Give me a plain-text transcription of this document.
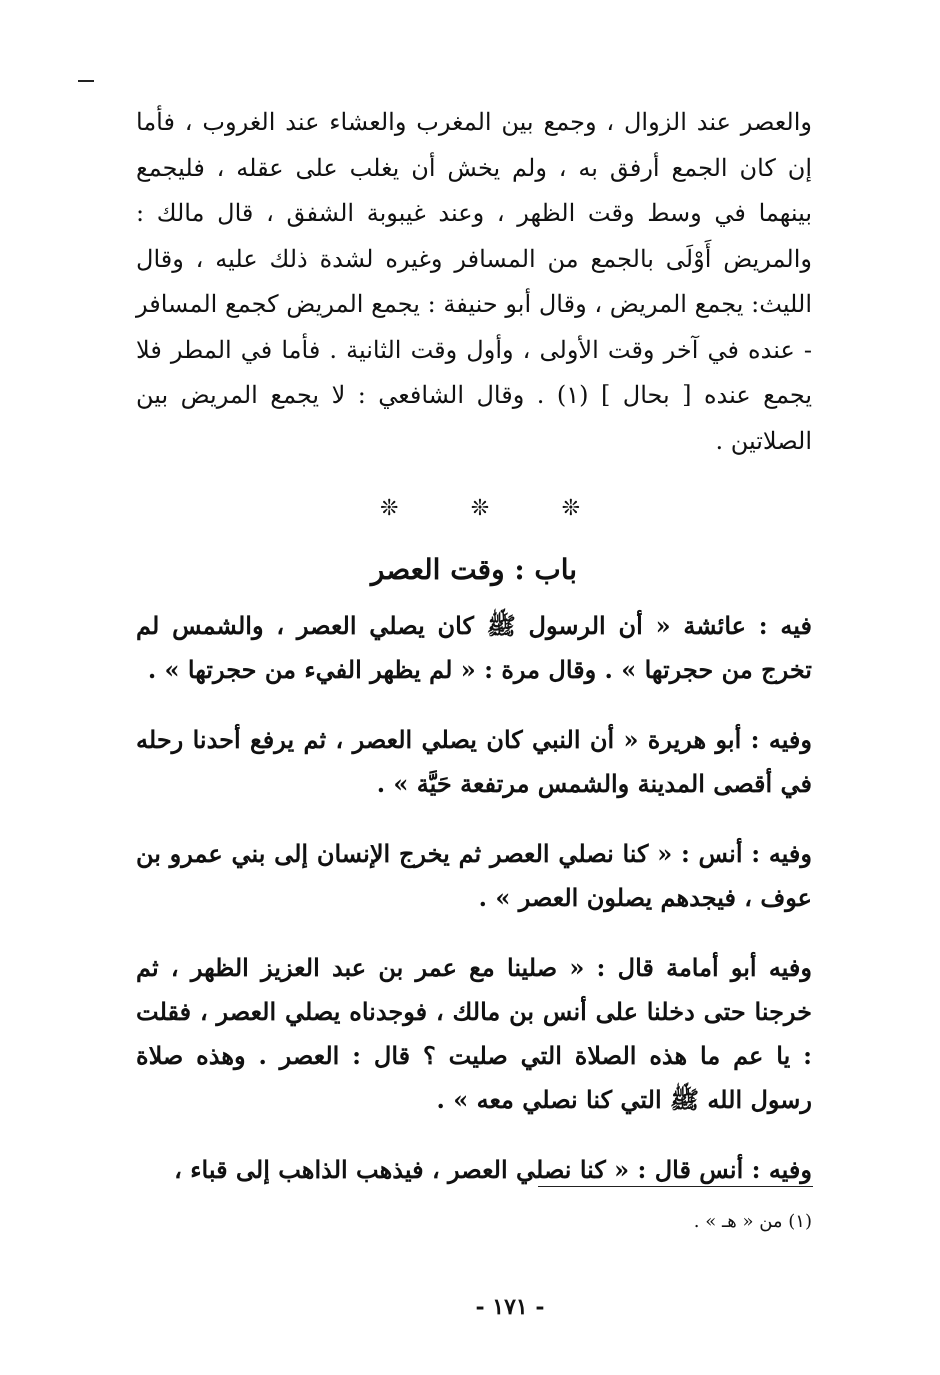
والعصر عند الزوال ، وجمع بين المغرب والعشاء عند الغروب ، فأما إن كان الجمع أرفق به ، ولم يخش أن يغلب على عقله ، فليجمع بينهما في وسط وقت الظهر ، وعند غيبوبة الشفق ، قال مالك : والمريض أَوْلَى بالجمع من المسافر وغيره لشدة ذلك عليه ، وقال الليث: يجمع المريض ، وقال أبو حنيفة : يجمع المريض كجمع المسافر - عنده في آخر وقت الأولى ، وأول وقت الثانية . فأما في المطر فلا يجمع عنده [ بحال ] (١) . وقال الشافعي : لا يجمع المريض بين الصلاتين .

❊	❊	❊
باب : وقت العصر

فيه : عائشة « أن الرسول ﷺ كان يصلي العصر ، والشمس لم تخرج من حجرتها » . وقال مرة : « لم يظهر الفيء من حجرتها » .

وفيه : أبو هريرة « أن النبي كان يصلي العصر ، ثم يرفع أحدنا رحله في أقصى المدينة والشمس مرتفعة حَيَّة » .

وفيه : أنس : « كنا نصلي العصر ثم يخرج الإنسان إلى بني عمرو بن عوف ، فيجدهم يصلون العصر » .

وفيه أبو أمامة قال : « صلينا مع عمر بن عبد العزيز الظهر ، ثم خرجنا حتى دخلنا على أنس بن مالك ، فوجدناه يصلي العصر ، فقلت : يا عم ما هذه الصلاة التي صليت ؟ قال : العصر . وهذه صلاة رسول الله ﷺ التي كنا نصلي معه » .

وفيه : أنس قال : « كنا نصلي العصر ، فيذهب الذاهب إلى قباء ،

(١) من « هـ » .
- ١٧١ -
